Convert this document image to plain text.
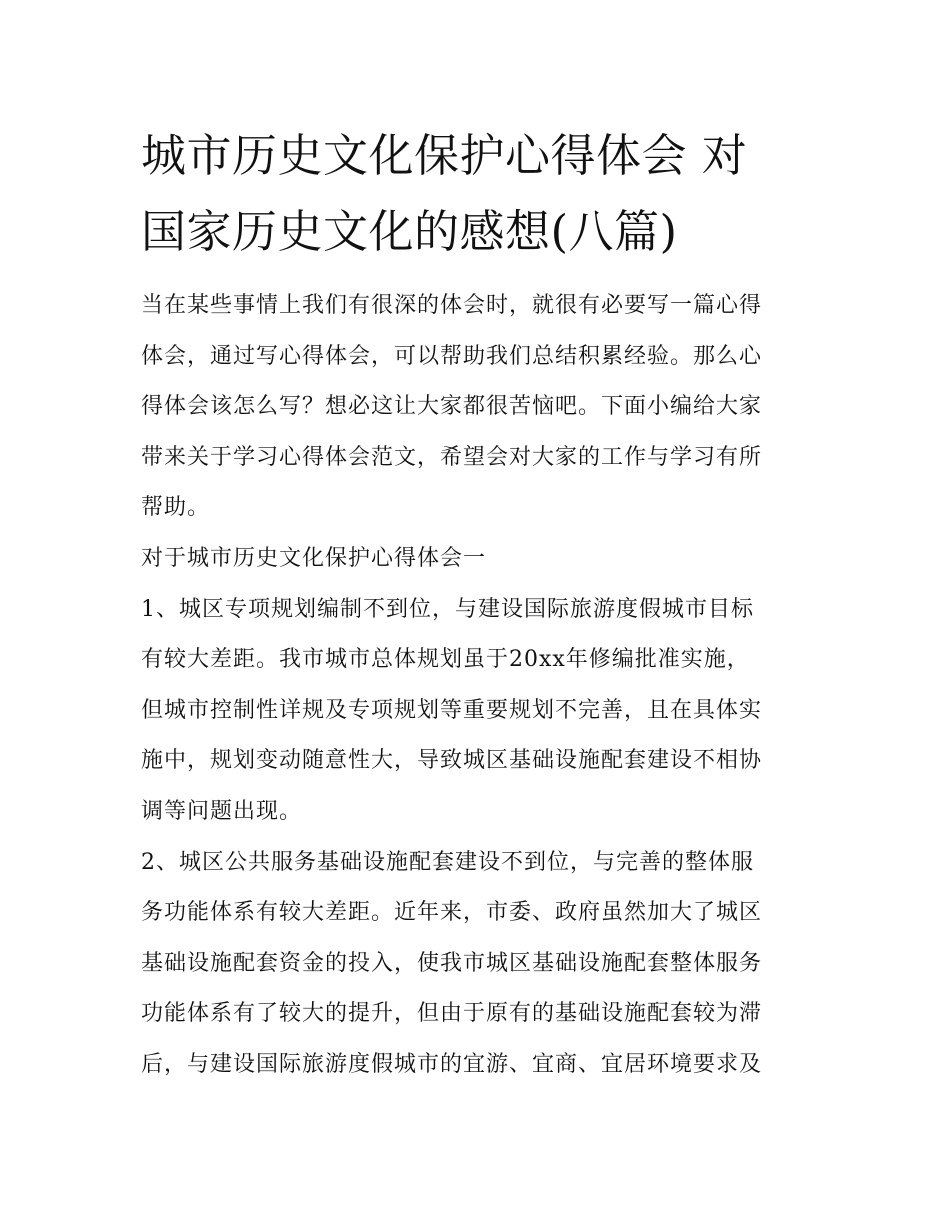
城市历史文化保护心得体会 对
国家历史文化的感想(八篇)
当在某些事情上我们有很深的体会时，就很有必要写一篇心得
体会，通过写心得体会，可以帮助我们总结积累经验。那么心
得体会该怎么写？想必这让大家都很苦恼吧。下面小编给大家
带来关于学习心得体会范文，希望会对大家的工作与学习有所
帮助。
对于城市历史文化保护心得体会一
1、城区专项规划编制不到位，与建设国际旅游度假城市目标
有较大差距。我市城市总体规划虽于20xx年修编批准实施，
但城市控制性详规及专项规划等重要规划不完善，且在具体实
施中，规划变动随意性大，导致城区基础设施配套建设不相协
调等问题出现。
2、城区公共服务基础设施配套建设不到位，与完善的整体服
务功能体系有较大差距。近年来，市委、政府虽然加大了城区
基础设施配套资金的投入，使我市城区基础设施配套整体服务
功能体系有了较大的提升，但由于原有的基础设施配套较为滞
后，与建设国际旅游度假城市的宜游、宜商、宜居环境要求及
